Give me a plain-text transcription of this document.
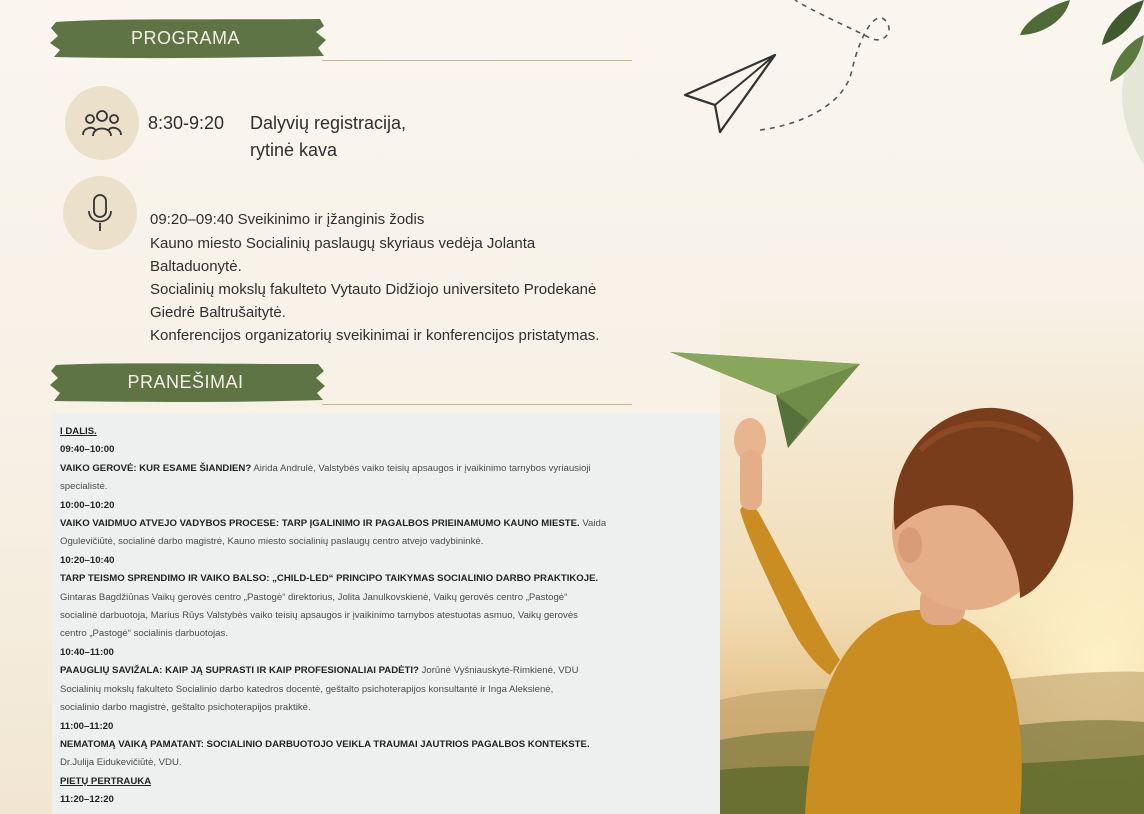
PROGRAMA
8:30-9:20 Dalyvių registracija,
rytinė kava
09:20–09:40 Sveikinimo ir įžanginis žodis
Kauno miesto Socialinių paslaugų skyriaus vedėja Jolanta
Baltaduonytė.
Socialinių mokslų fakulteto Vytauto Didžiojo universiteto Prodekanė
Giedrė Baltrušaitytė.
Konferencijos organizatorių sveikinimai ir konferencijos pristatymas.
PRANEŠIMAI
I DALIS.
09:40–10:00
VAIKO GEROVĖ: KUR ESAME ŠIANDIEN? Airida Andrulė, Valstybės vaiko teisių apsaugos ir įvaikinimo tarnybos vyriausioji
specialistė.
10:00–10:20
VAIKO VAIDMUO ATVEJO VADYBOS PROCESE: TARP ĮGALINIMO IR PAGALBOS PRIEINAMUMO KAUNO MIESTE. Vaida
Ogulevičiūtė, socialinė darbo magistrė, Kauno miesto socialinių paslaugų centro atvejo vadybininkė.
10:20–10:40
TARP TEISMO SPRENDIMO IR VAIKO BALSO: „CHILD-LED“ PRINCIPO TAIKYMAS SOCIALINIO DARBO PRAKTIKOJE.
Gintaras Bagdžiūnas Vaikų gerovės centro „Pastogė“ direktorius, Jolita Janulkovskienė, Vaikų gerovės centro „Pastogė“
socialinė darbuotoja, Marius Rūys Valstybės vaiko teisių apsaugos ir įvaikinimo tarnybos atestuotas asmuo, Vaikų gerovės
centro „Pastogė“ socialinis darbuotojas.
10:40–11:00
PAAUGLIŲ SAVIŽALA: KAIP JĄ SUPRASTI IR KAIP PROFESIONALIAI PADĖTI? Jorūnė Vyšniauskytė-Rimkienė, VDU
Socialinių mokslų fakulteto Socialinio darbo katedros docentė, geštalto psichoterapijos konsultantė ir Inga Aleksienė,
socialinio darbo magistrė, geštalto psichoterapijos praktikė.
11:00–11:20
NEMATOMĄ VAIKĄ PAMATANT: SOCIALINIO DARBUOTOJO VEIKLA TRAUMAI JAUTRIOS PAGALBOS KONTEKSTE.
Dr.Julija Eidukevičiūtė, VDU.
PIETŲ PERTRAUKA
11:20–12:20
